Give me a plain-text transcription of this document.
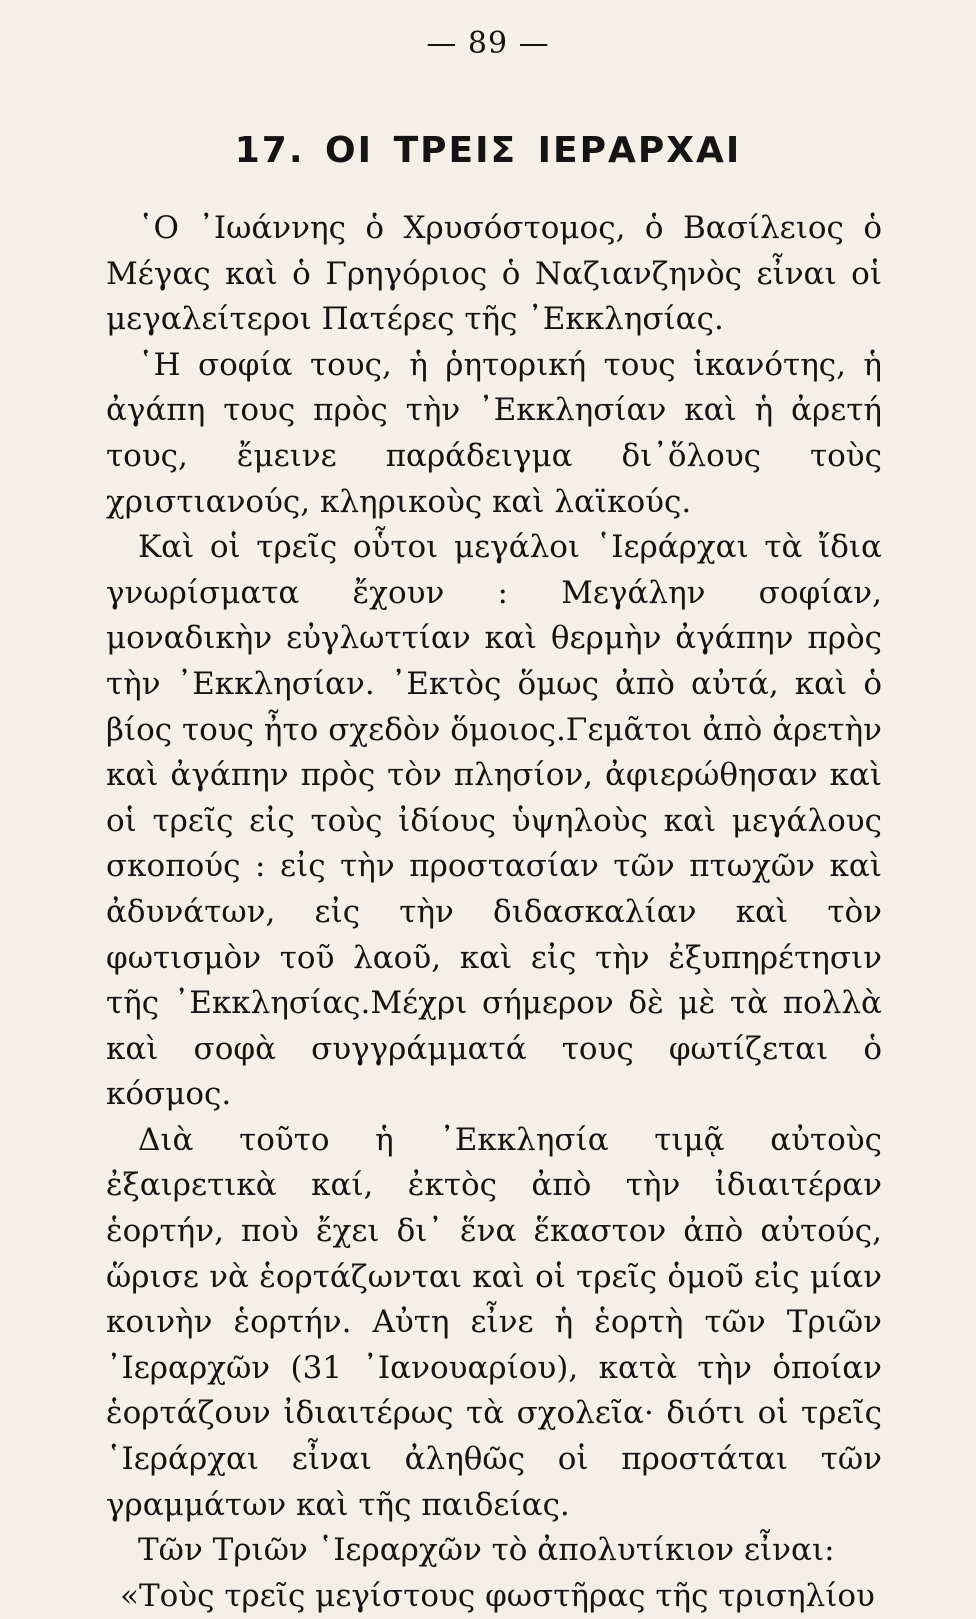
— 89 —
17. ΟΙ ΤΡΕΙΣ ΙΕΡΑΡΧΑΙ

῾Ο ᾿Ιωάννης ὁ Χρυσόστομος, ὁ Βασίλειος ὁ Μέγας καὶ ὁ Γρηγόριος ὁ Ναζιανζηνὸς εἶναι οἱ μεγαλείτεροι Πατέρες τῆς ᾿Εκκλησίας.

῾Η σοφία τους, ἡ ῥητορική τους ἱκανότης, ἡ ἀγάπη τους πρὸς τὴν ᾿Εκκλησίαν καὶ ἡ ἀρετή τους, ἔμεινε παράδειγμα δι᾿ὅλους τοὺς χριστιανούς, κληρικοὺς καὶ λαϊκούς.

Καὶ οἱ τρεῖς οὗτοι μεγάλοι ῾Ιεράρχαι τὰ ἴδια γνωρίσματα ἔχουν : Μεγάλην σοφίαν, μοναδικὴν εὐγλωττίαν καὶ θερμὴν ἀγάπην πρὸς τὴν ᾿Εκκλησίαν. ᾿Εκτὸς ὅμως ἀπὸ αὐτά, καὶ ὁ βίος τους ἦτο σχεδὸν ὅμοιος.Γεμᾶτοι ἀπὸ ἀρετὴν καὶ ἀγάπην πρὸς τὸν πλησίον, ἀφιερώθησαν καὶ οἱ τρεῖς εἰς τοὺς ἰδίους ὑψηλοὺς καὶ μεγάλους σκοπούς : εἰς τὴν προστασίαν τῶν πτωχῶν καὶ ἀδυνάτων, εἰς τὴν διδασκαλίαν καὶ τὸν φωτισμὸν τοῦ λαοῦ, καὶ εἰς τὴν ἐξυπηρέτησιν τῆς ᾿Εκκλησίας.Μέχρι σήμερον δὲ μὲ τὰ πολλὰ καὶ σοφὰ συγγράμματά τους φωτίζεται ὁ κόσμος.

Διὰ τοῦτο ἡ ᾿Εκκλησία τιμᾷ αὐτοὺς ἐξαιρετικὰ καί, ἐκτὸς ἀπὸ τὴν ἰδιαιτέραν ἑορτήν, ποὺ ἔχει δι᾿ ἕνα ἕκαστον ἀπὸ αὐτούς, ὥρισε νὰ ἑορτάζωνται καὶ οἱ τρεῖς ὁμοῦ εἰς μίαν κοινὴν ἑορτήν. Αὐτη εἶνε ἡ ἑορτὴ τῶν Τριῶν ᾿Ιεραρχῶν (31 ᾿Ιανουαρίου), κατὰ τὴν ὁποίαν ἑορτάζουν ἰδιαιτέρως τὰ σχολεῖα· διότι οἱ τρεῖς ῾Ιεράρχαι εἶναι ἀληθῶς οἱ προστάται τῶν γραμμάτων καὶ τῆς παιδείας.

Τῶν Τριῶν ῾Ιεραρχῶν τὸ ἀπολυτίκιον εἶναι:

«Τοὺς τρεῖς μεγίστους φωστῆρας τῆς τρισηλίου
